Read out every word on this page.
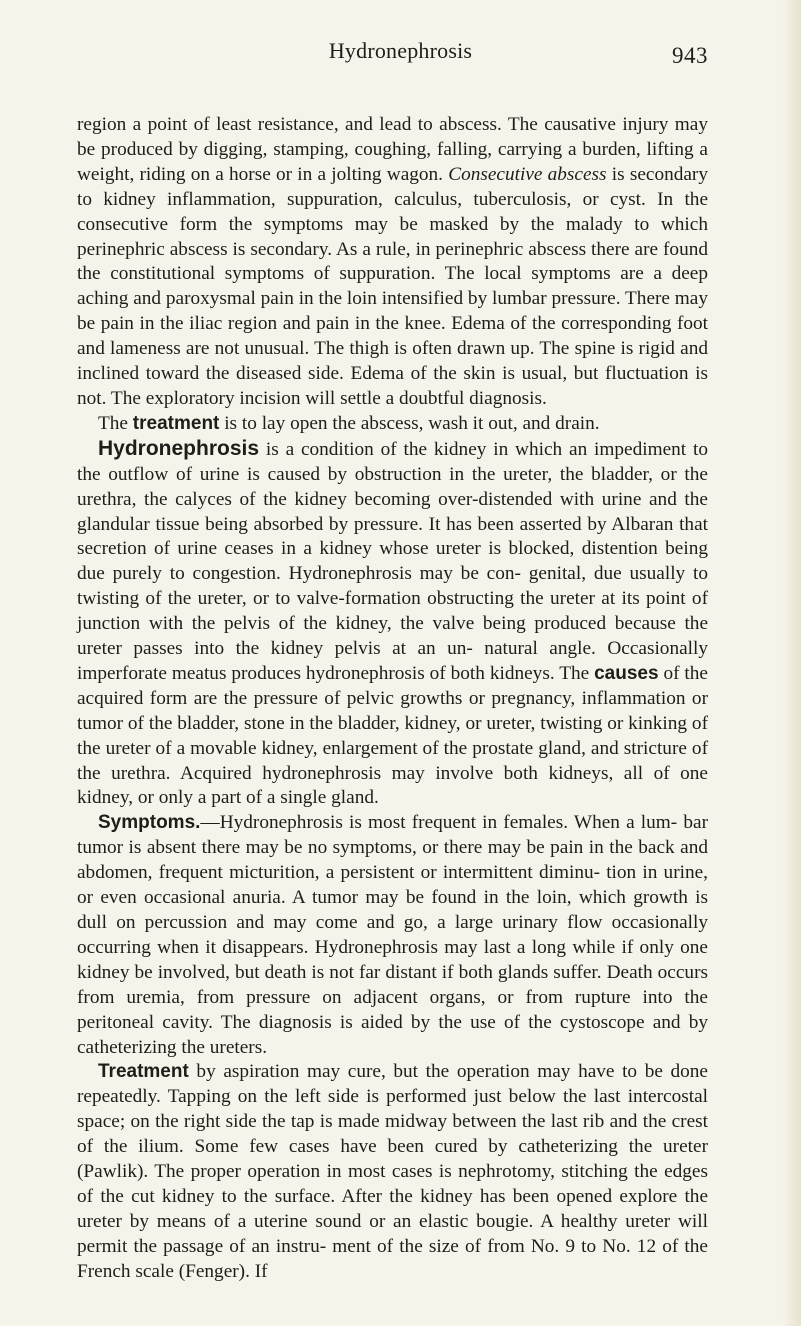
Hydronephrosis	943

region a point of least resistance, and lead to abscess. The causative injury may be produced by digging, stamping, coughing, falling, carrying a burden, lifting a weight, riding on a horse or in a jolting wagon. Consecutive abscess is secondary to kidney inflammation, suppuration, calculus, tuberculosis, or cyst. In the consecutive form the symptoms may be masked by the malady to which perinephric abscess is secondary. As a rule, in perinephric abscess there are found the constitutional symptoms of suppuration. The local symptoms are a deep aching and paroxysmal pain in the loin intensified by lumbar pressure. There may be pain in the iliac region and pain in the knee. Edema of the corresponding foot and lameness are not unusual. The thigh is often drawn up. The spine is rigid and inclined toward the diseased side. Edema of the skin is usual, but fluctuation is not. The exploratory incision will settle a doubtful diagnosis.

The treatment is to lay open the abscess, wash it out, and drain.

Hydronephrosis is a condition of the kidney in which an impediment to the outflow of urine is caused by obstruction in the ureter, the bladder, or the urethra, the calyces of the kidney becoming over-distended with urine and the glandular tissue being absorbed by pressure. It has been asserted by Albaran that secretion of urine ceases in a kidney whose ureter is blocked, distention being due purely to congestion. Hydronephrosis may be con- genital, due usually to twisting of the ureter, or to valve-formation obstructing the ureter at its point of junction with the pelvis of the kidney, the valve being produced because the ureter passes into the kidney pelvis at an un- natural angle. Occasionally imperforate meatus produces hydronephrosis of both kidneys. The causes of the acquired form are the pressure of pelvic growths or pregnancy, inflammation or tumor of the bladder, stone in the bladder, kidney, or ureter, twisting or kinking of the ureter of a movable kidney, enlargement of the prostate gland, and stricture of the urethra. Acquired hydronephrosis may involve both kidneys, all of one kidney, or only a part of a single gland.

Symptoms.—Hydronephrosis is most frequent in females. When a lum- bar tumor is absent there may be no symptoms, or there may be pain in the back and abdomen, frequent micturition, a persistent or intermittent diminu- tion in urine, or even occasional anuria. A tumor may be found in the loin, which growth is dull on percussion and may come and go, a large urinary flow occasionally occurring when it disappears. Hydronephrosis may last a long while if only one kidney be involved, but death is not far distant if both glands suffer. Death occurs from uremia, from pressure on adjacent organs, or from rupture into the peritoneal cavity. The diagnosis is aided by the use of the cystoscope and by catheterizing the ureters.

Treatment by aspiration may cure, but the operation may have to be done repeatedly. Tapping on the left side is performed just below the last intercostal space; on the right side the tap is made midway between the last rib and the crest of the ilium. Some few cases have been cured by catheterizing the ureter (Pawlik). The proper operation in most cases is nephrotomy, stitching the edges of the cut kidney to the surface. After the kidney has been opened explore the ureter by means of a uterine sound or an elastic bougie. A healthy ureter will permit the passage of an instru- ment of the size of from No. 9 to No. 12 of the French scale (Fenger). If
